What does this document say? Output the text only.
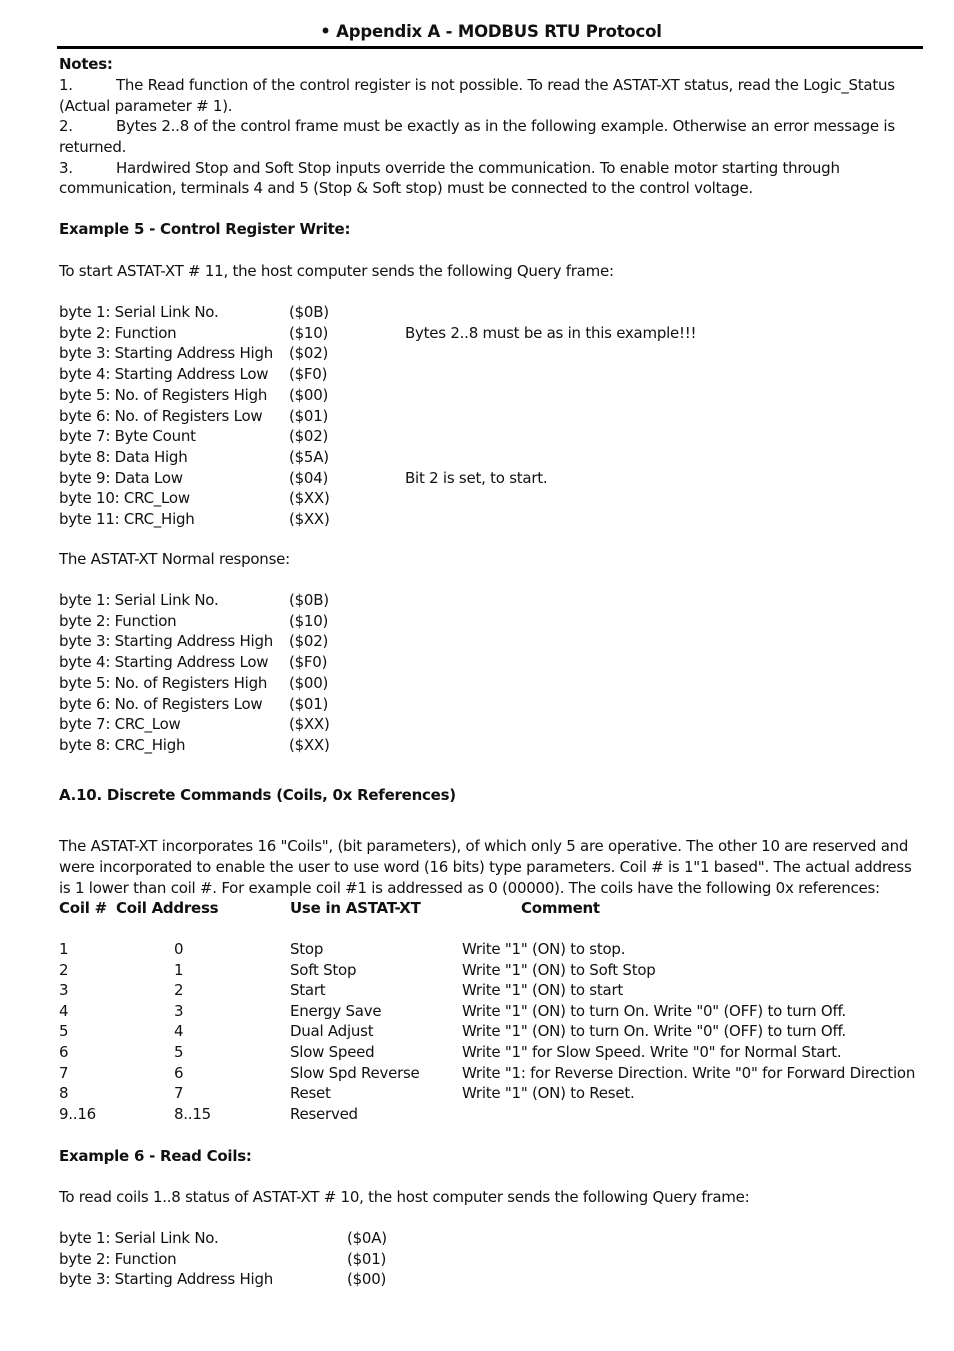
• Appendix A - MODBUS RTU Protocol
Notes:
1.	The Read function of the control register is not possible. To read the ASTAT-XT status, read the Logic_Status
(Actual parameter # 1).
2.	Bytes 2..8 of the control frame must be exactly as in the following example. Otherwise an error message is
returned.
3.	Hardwired Stop and Soft Stop inputs override the communication. To enable motor starting through
communication, terminals 4 and 5 (Stop & Soft stop) must be connected to the control voltage.
Example 5 - Control Register Write:
To start ASTAT-XT # 11, the host computer sends the following Query frame:
byte 1: Serial Link No.	($0B)
byte 2: Function	($10)	Bytes 2..8 must be as in this example!!!
byte 3: Starting Address High ($02)
byte 4: Starting Address Low ($F0)
byte 5: No. of Registers High ($00)
byte 6: No. of Registers Low ($01)
byte 7: Byte Count	($02)
byte 8: Data High	($5A)
byte 9: Data Low	($04)	Bit 2 is set, to start.
byte 10: CRC_Low	($XX)
byte 11: CRC_High	($XX)
The ASTAT-XT Normal response:
byte 1: Serial Link No.	($0B)
byte 2: Function	($10)
byte 3: Starting Address High ($02)
byte 4: Starting Address Low ($F0)
byte 5: No. of Registers High ($00)
byte 6: No. of Registers Low ($01)
byte 7: CRC_Low	($XX)
byte 8: CRC_High	($XX)
A.10. Discrete Commands (Coils, 0x References)
The ASTAT-XT incorporates 16 "Coils", (bit parameters), of which only 5 are operative. The other 10 are reserved and
were incorporated to enable the user to use word (16 bits) type parameters. Coil # is 1"1 based". The actual address
is 1 lower than coil #. For example coil #1 is addressed as 0 (00000). The coils have the following 0x references:
Coil # Coil Address	Use in ASTAT-XT	Comment
1	0	Stop	Write "1" (ON) to stop.
2	1	Soft Stop	Write "1" (ON) to Soft Stop
3	2	Start	Write "1" (ON) to start
4	3	Energy Save	Write "1" (ON) to turn On. Write "0" (OFF) to turn Off.
5	4	Dual Adjust	Write "1" (ON) to turn On. Write "0" (OFF) to turn Off.
6	5	Slow Speed	Write "1" for Slow Speed. Write "0" for Normal Start.
7	6	Slow Spd Reverse	Write "1: for Reverse Direction. Write "0" for Forward Direction
8	7	Reset	Write "1" (ON) to Reset.
9..16	8..15	Reserved
Example 6 - Read Coils:
To read coils 1..8 status of ASTAT-XT # 10, the host computer sends the following Query frame:
byte 1: Serial Link No.	($0A)
byte 2: Function	($01)
byte 3: Starting Address High	($00)
